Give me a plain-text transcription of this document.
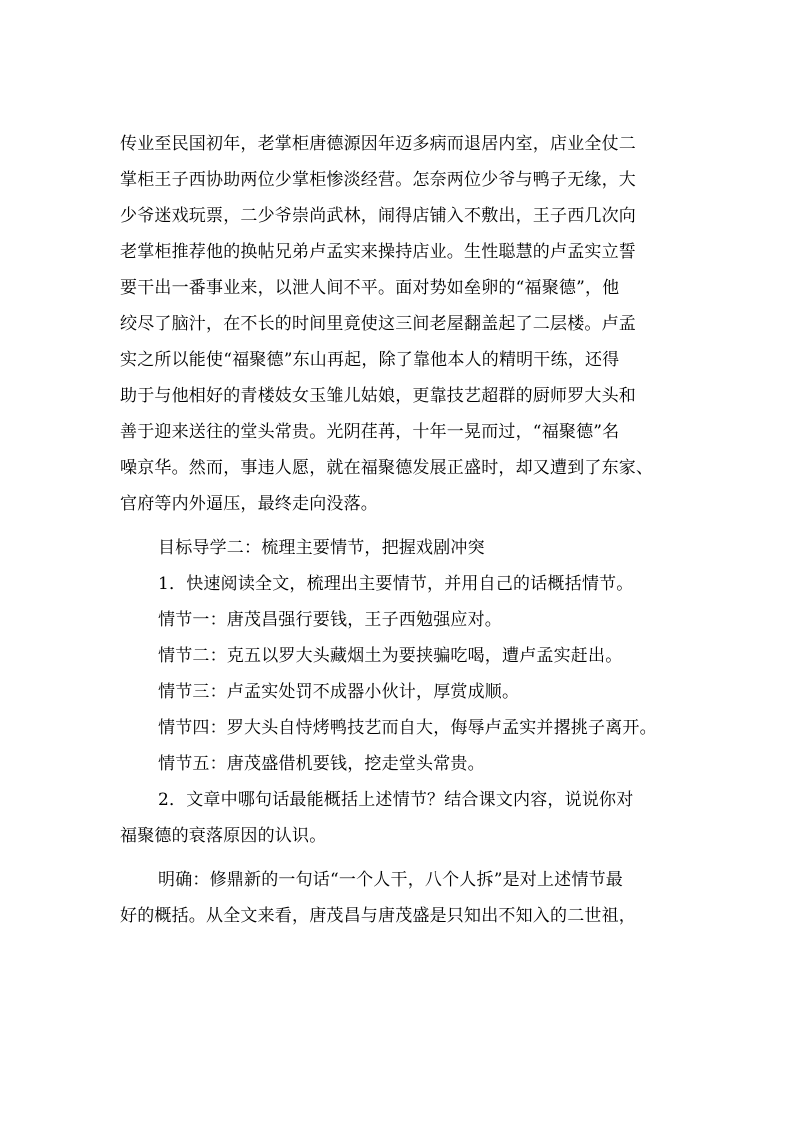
传业至民国初年，老掌柜唐德源因年迈多病而退居内室，店业全仗二
掌柜王子西协助两位少掌柜惨淡经营。怎奈两位少爷与鸭子无缘，大
少爷迷戏玩票，二少爷崇尚武林，闹得店铺入不敷出，王子西几次向
老掌柜推荐他的换帖兄弟卢孟实来操持店业。生性聪慧的卢孟实立誓
要干出一番事业来，以泄人间不平。面对势如垒卵的“福聚德”，他
绞尽了脑汁，在不长的时间里竟使这三间老屋翻盖起了二层楼。卢孟
实之所以能使“福聚德”东山再起，除了靠他本人的精明干练，还得
助于与他相好的青楼妓女玉雏儿姑娘，更靠技艺超群的厨师罗大头和
善于迎来送往的堂头常贵。光阴荏苒，十年一晃而过，“福聚德”名
噪京华。然而，事违人愿，就在福聚德发展正盛时，却又遭到了东家、
官府等内外逼压，最终走向没落。
目标导学二：梳理主要情节，把握戏剧冲突
1．快速阅读全文，梳理出主要情节，并用自己的话概括情节。
情节一：唐茂昌强行要钱，王子西勉强应对。
情节二：克五以罗大头藏烟土为要挟骗吃喝，遭卢孟实赶出。
情节三：卢孟实处罚不成器小伙计，厚赏成顺。
情节四：罗大头自恃烤鸭技艺而自大，侮辱卢孟实并撂挑子离开。
情节五：唐茂盛借机要钱，挖走堂头常贵。
2．文章中哪句话最能概括上述情节？结合课文内容，说说你对
福聚德的衰落原因的认识。
明确：修鼎新的一句话“一个人干，八个人拆”是对上述情节最
好的概括。从全文来看，唐茂昌与唐茂盛是只知出不知入的二世祖，
